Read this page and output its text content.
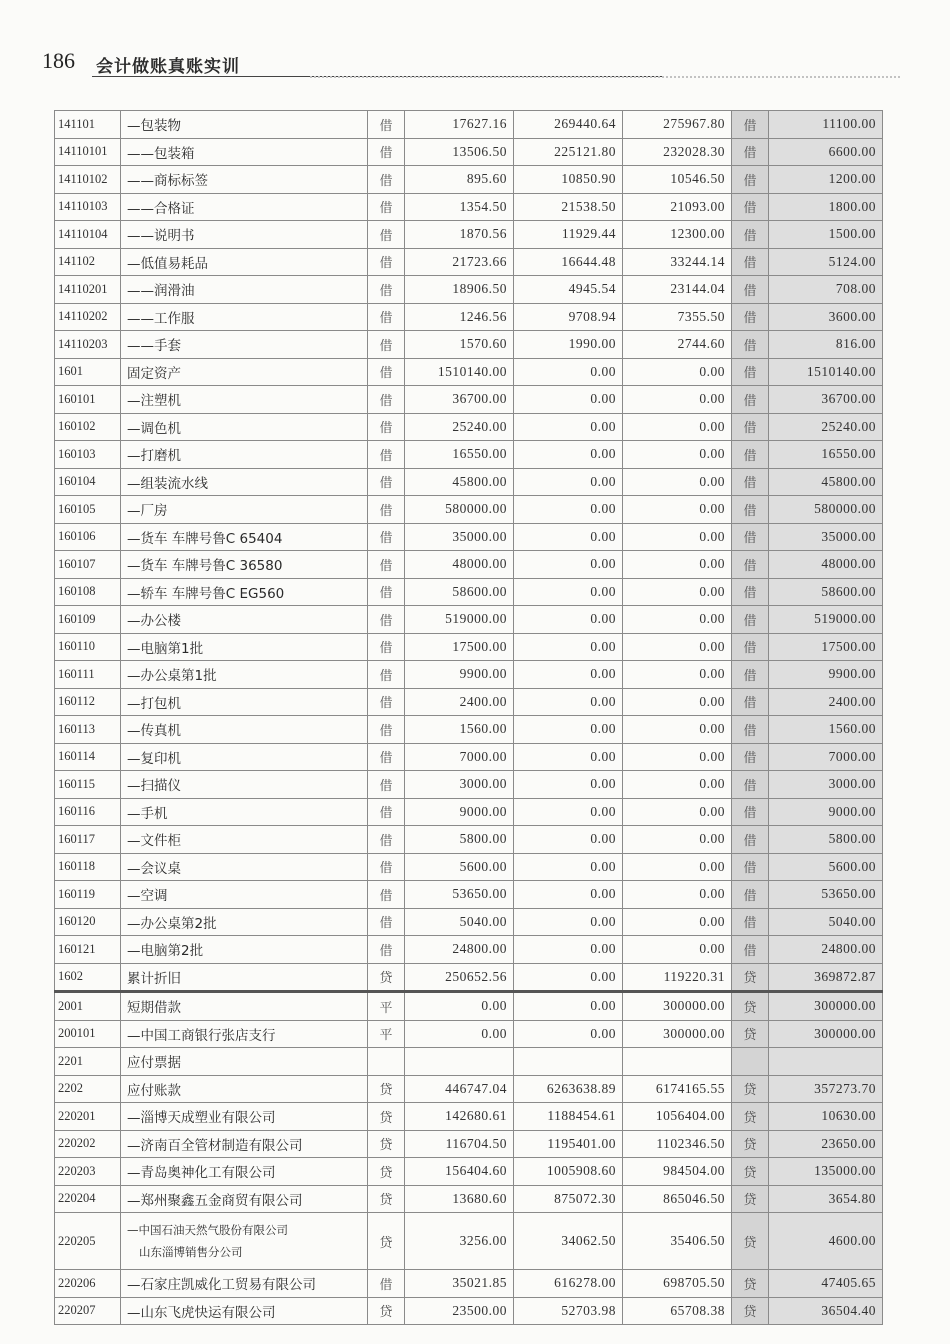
186 会计做账真账实训
141101	—包装物	借	17627.16	269440.64	275967.80	借	11100.00
14110101	——包装箱	借	13506.50	225121.80	232028.30	借	6600.00
14110102	——商标标签	借	895.60	10850.90	10546.50	借	1200.00
14110103	——合格证	借	1354.50	21538.50	21093.00	借	1800.00
14110104	——说明书	借	1870.56	11929.44	12300.00	借	1500.00
141102	—低值易耗品	借	21723.66	16644.48	33244.14	借	5124.00
14110201	——润滑油	借	18906.50	4945.54	23144.04	借	708.00
14110202	——工作服	借	1246.56	9708.94	7355.50	借	3600.00
14110203	——手套	借	1570.60	1990.00	2744.60	借	816.00
1601	固定资产	借	1510140.00	0.00	0.00	借	1510140.00
160101	—注塑机	借	36700.00	0.00	0.00	借	36700.00
160102	—调色机	借	25240.00	0.00	0.00	借	25240.00
160103	—打磨机	借	16550.00	0.00	0.00	借	16550.00
160104	—组装流水线	借	45800.00	0.00	0.00	借	45800.00
160105	—厂房	借	580000.00	0.00	0.00	借	580000.00
160106	—货车 车牌号鲁C 65404	借	35000.00	0.00	0.00	借	35000.00
160107	—货车 车牌号鲁C 36580	借	48000.00	0.00	0.00	借	48000.00
160108	—轿车 车牌号鲁C EG560	借	58600.00	0.00	0.00	借	58600.00
160109	—办公楼	借	519000.00	0.00	0.00	借	519000.00
160110	—电脑第1批	借	17500.00	0.00	0.00	借	17500.00
160111	—办公桌第1批	借	9900.00	0.00	0.00	借	9900.00
160112	—打包机	借	2400.00	0.00	0.00	借	2400.00
160113	—传真机	借	1560.00	0.00	0.00	借	1560.00
160114	—复印机	借	7000.00	0.00	0.00	借	7000.00
160115	—扫描仪	借	3000.00	0.00	0.00	借	3000.00
160116	—手机	借	9000.00	0.00	0.00	借	9000.00
160117	—文件柜	借	5800.00	0.00	0.00	借	5800.00
160118	—会议桌	借	5600.00	0.00	0.00	借	5600.00
160119	—空调	借	53650.00	0.00	0.00	借	53650.00
160120	—办公桌第2批	借	5040.00	0.00	0.00	借	5040.00
160121	—电脑第2批	借	24800.00	0.00	0.00	借	24800.00
1602	累计折旧	贷	250652.56	0.00	119220.31	贷	369872.87
2001	短期借款	平	0.00	0.00	300000.00	贷	300000.00
200101	—中国工商银行张店支行	平	0.00	0.00	300000.00	贷	300000.00
2201	应付票据						
2202	应付账款	贷	446747.04	6263638.89	6174165.55	贷	357273.70
220201	—淄博天成塑业有限公司	贷	142680.61	1188454.61	1056404.00	贷	10630.00
220202	—济南百全管材制造有限公司	贷	116704.50	1195401.00	1102346.50	贷	23650.00
220203	—青岛奥神化工有限公司	贷	156404.60	1005908.60	984504.00	贷	135000.00
220204	—郑州聚鑫五金商贸有限公司	贷	13680.60	875072.30	865046.50	贷	3654.80
220205	—中国石油天然气股份有限公司
山东淄博销售分公司	贷	3256.00	34062.50	35406.50	贷	4600.00
220206	—石家庄凯威化工贸易有限公司	借	35021.85	616278.00	698705.50	贷	47405.65
220207	—山东飞虎快运有限公司	贷	23500.00	52703.98	65708.38	贷	36504.40
